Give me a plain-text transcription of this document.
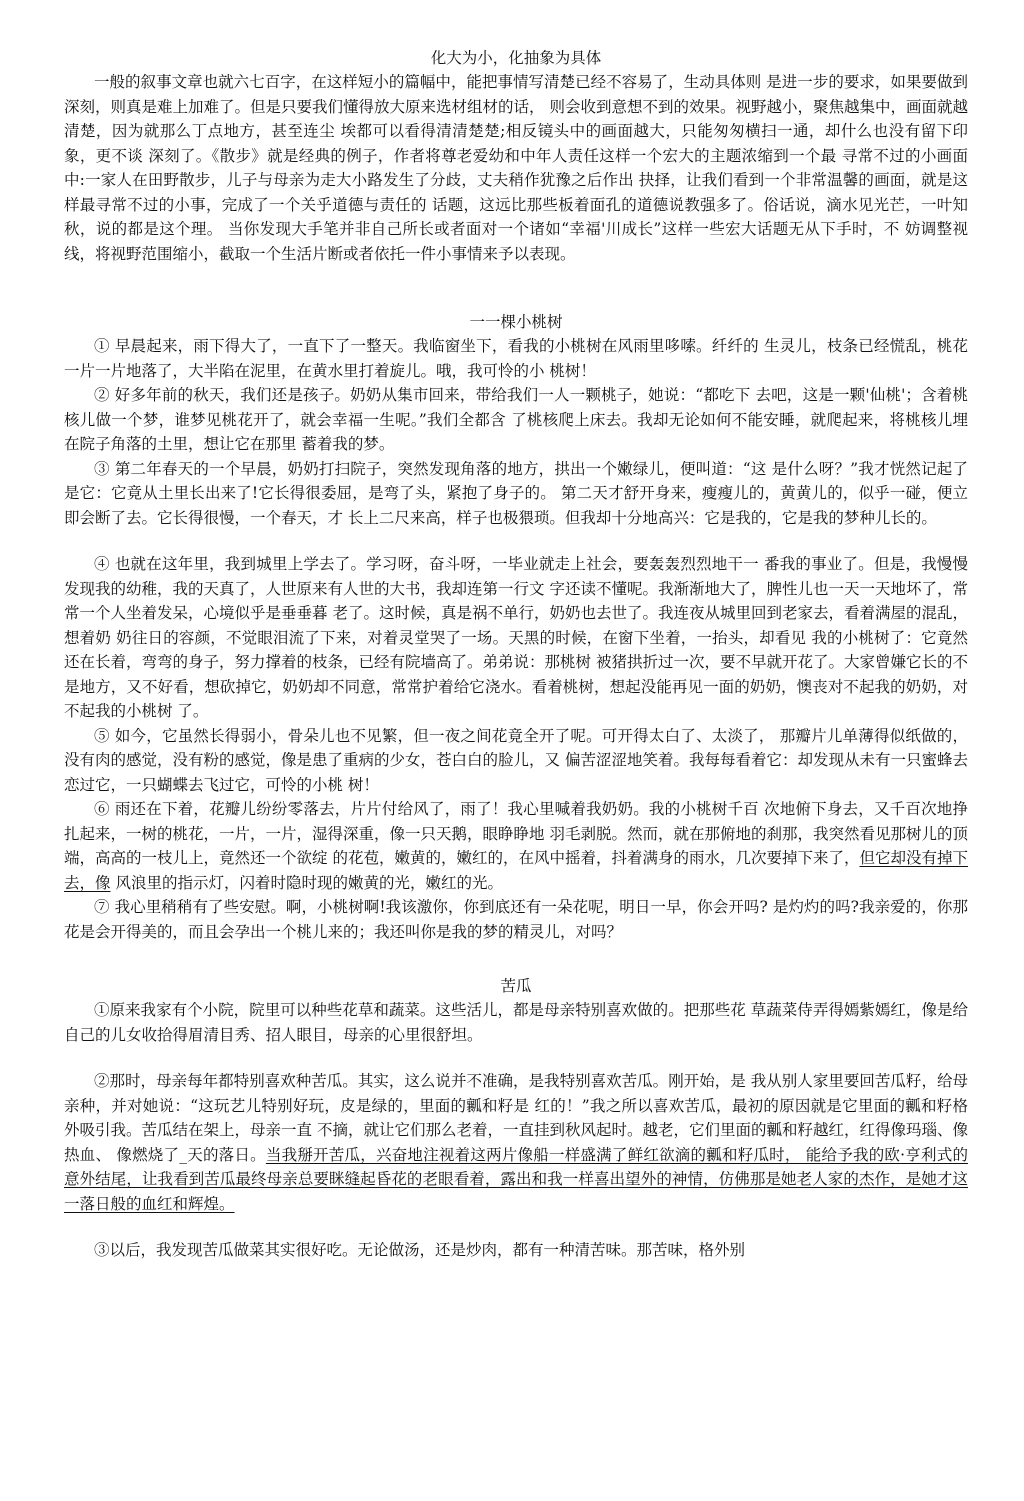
化大为小，化抽象为具体

一般的叙事文章也就六七百字，在这样短小的篇幅中，能把事情写清楚已经不容易了，生动具体则 是进一步的要求，如果要做到深刻，则真是难上加难了。但是只要我们懂得放大原来选材组材的话， 则会收到意想不到的效果。视野越小，聚焦越集中，画面就越清楚，因为就那么丁点地方，甚至连尘 埃都可以看得清清楚楚;相反镜头中的画面越大，只能匆匆横扫一通，却什么也没有留下印象，更不谈 深刻了。《散步》就是经典的例子，作者将尊老爱幼和中年人责任这样一个宏大的主题浓缩到一个最 寻常不过的小画面中:一家人在田野散步，儿子与母亲为走大小路发生了分歧，丈夫稍作犹豫之后作出 抉择，让我们看到一个非常温馨的画面，就是这样最寻常不过的小事，完成了一个关乎道德与责任的 话题，这远比那些板着面孔的道德说教强多了。俗话说，滴水见光芒，一叶知秋，说的都是这个理。 当你发现大手笔并非自己所长或者面对一个诸如“幸福'川成长”这样一些宏大话题无从下手时，不 妨调整视线，将视野范围缩小，截取一个生活片断或者依托一件小事情来予以表现。

一一棵小桃树

① 早晨起来，雨下得大了，一直下了一整天。我临窗坐下，看我的小桃树在风雨里哆嗦。纤纤的 生灵儿，枝条已经慌乱，桃花一片一片地落了，大半陷在泥里，在黄水里打着旋儿。哦，我可怜的小 桃树！

② 好多年前的秋天，我们还是孩子。奶奶从集市回来，带给我们一人一颗桃子，她说：“都吃下 去吧，这是一颗'仙桃'；含着桃核儿做一个梦，谁梦见桃花开了，就会幸福一生呢。”我们全都含 了桃核爬上床去。我却无论如何不能安睡，就爬起来，将桃核儿埋在院子角落的土里，想让它在那里 蓄着我的梦。

③ 第二年春天的一个早晨，奶奶打扫院子，突然发现角落的地方，拱出一个嫩绿儿，便叫道：“这 是什么呀？”我才恍然记起了是它：它竟从土里长出来了!它长得很委屈，是弯了头，紧抱了身子的。 第二天才舒开身来，瘦瘦儿的，黄黄儿的，似乎一碰，便立即会断了去。它长得很慢，一个春天，才 长上二尺来高，样子也极猥琐。但我却十分地高兴：它是我的，它是我的梦种儿长的。

④ 也就在这年里，我到城里上学去了。学习呀，奋斗呀，一毕业就走上社会，要轰轰烈烈地干一 番我的事业了。但是，我慢慢发现我的幼稚，我的天真了，人世原来有人世的大书，我却连第一行文 字还读不懂呢。我渐渐地大了，脾性儿也一天一天地坏了，常常一个人坐着发呆，心境似乎是垂垂暮 老了。这时候，真是祸不单行，奶奶也去世了。我连夜从城里回到老家去，看着满屋的混乱，想着奶 奶往日的容颜，不觉眼泪流了下来，对着灵堂哭了一场。天黑的时候，在窗下坐着，一抬头，却看见 我的小桃树了：它竟然还在长着，弯弯的身子，努力撑着的枝条，已经有院墙高了。弟弟说：那桃树 被猪拱折过一次，要不早就开花了。大家曾嫌它长的不是地方，又不好看，想砍掉它，奶奶却不同意，常常护着给它浇水。看着桃树，想起没能再见一面的奶奶，懊丧对不起我的奶奶，对不起我的小桃树 了。

⑤ 如今，它虽然长得弱小，骨朵儿也不见繁，但一夜之间花竟全开了呢。可开得太白了、太淡了， 那瓣片儿单薄得似纸做的，没有肉的感觉，没有粉的感觉，像是患了重病的少女，苍白白的脸儿，又 偏苦涩涩地笑着。我每每看着它：却发现从未有一只蜜蜂去恋过它，一只蝴蝶去飞过它，可怜的小桃 树！

⑥ 雨还在下着，花瓣儿纷纷零落去，片片付给风了，雨了！我心里喊着我奶奶。我的小桃树千百 次地俯下身去，又千百次地挣扎起来，一树的桃花，一片，一片，湿得深重，像一只天鹅，眼睁睁地 羽毛剥脱。然而，就在那俯地的刹那，我突然看见那树儿的顶端，高高的一枝儿上，竟然还一个欲绽 的花苞，嫩黄的，嫩红的，在风中摇着，抖着满身的雨水，几次要掉下来了，但它却没有掉下去，像 风浪里的指示灯，闪着时隐时现的嫩黄的光，嫩红的光。

⑦ 我心里稍稍有了些安慰。啊，小桃树啊!我该激你，你到底还有一朵花呢，明日一早，你会开吗? 是灼灼的吗?我亲爱的，你那花是会开得美的，而且会孕出一个桃儿来的；我还叫你是我的梦的精灵儿，对吗？

苦瓜

①原来我家有个小院，院里可以种些花草和蔬菜。这些活儿，都是母亲特别喜欢做的。把那些花 草蔬菜侍弄得嫣紫嫣红，像是给自己的儿女收拾得眉清目秀、招人眼目，母亲的心里很舒坦。

②那时，母亲每年都特别喜欢种苦瓜。其实，这么说并不准确，是我特别喜欢苦瓜。刚开始，是 我从别人家里要回苦瓜籽，给母亲种，并对她说：“这玩艺儿特别好玩，皮是绿的，里面的瓤和籽是 红的！”我之所以喜欢苦瓜，最初的原因就是它里面的瓤和籽格外吸引我。苦瓜结在架上，母亲一直 不摘，就让它们那么老着，一直挂到秋风起时。越老，它们里面的瓤和籽越红，红得像玛瑙、像热血、 像燃烧了_天的落日。当我掰开苦瓜，兴奋地注视着这两片像船一样盛满了鲜红欲滴的瓤和籽瓜时， 能给予我的欧·亨利式的意外结尾，让我看到苦瓜最终母亲总要眯缝起昏花的老眼看着，露出和我一样喜出望外的神情，仿佛那是她老人家的杰作，是她才这一落日般的血红和辉煌。

③以后，我发现苦瓜做菜其实很好吃。无论做汤，还是炒肉，都有一种清苦味。那苦味，格外别
